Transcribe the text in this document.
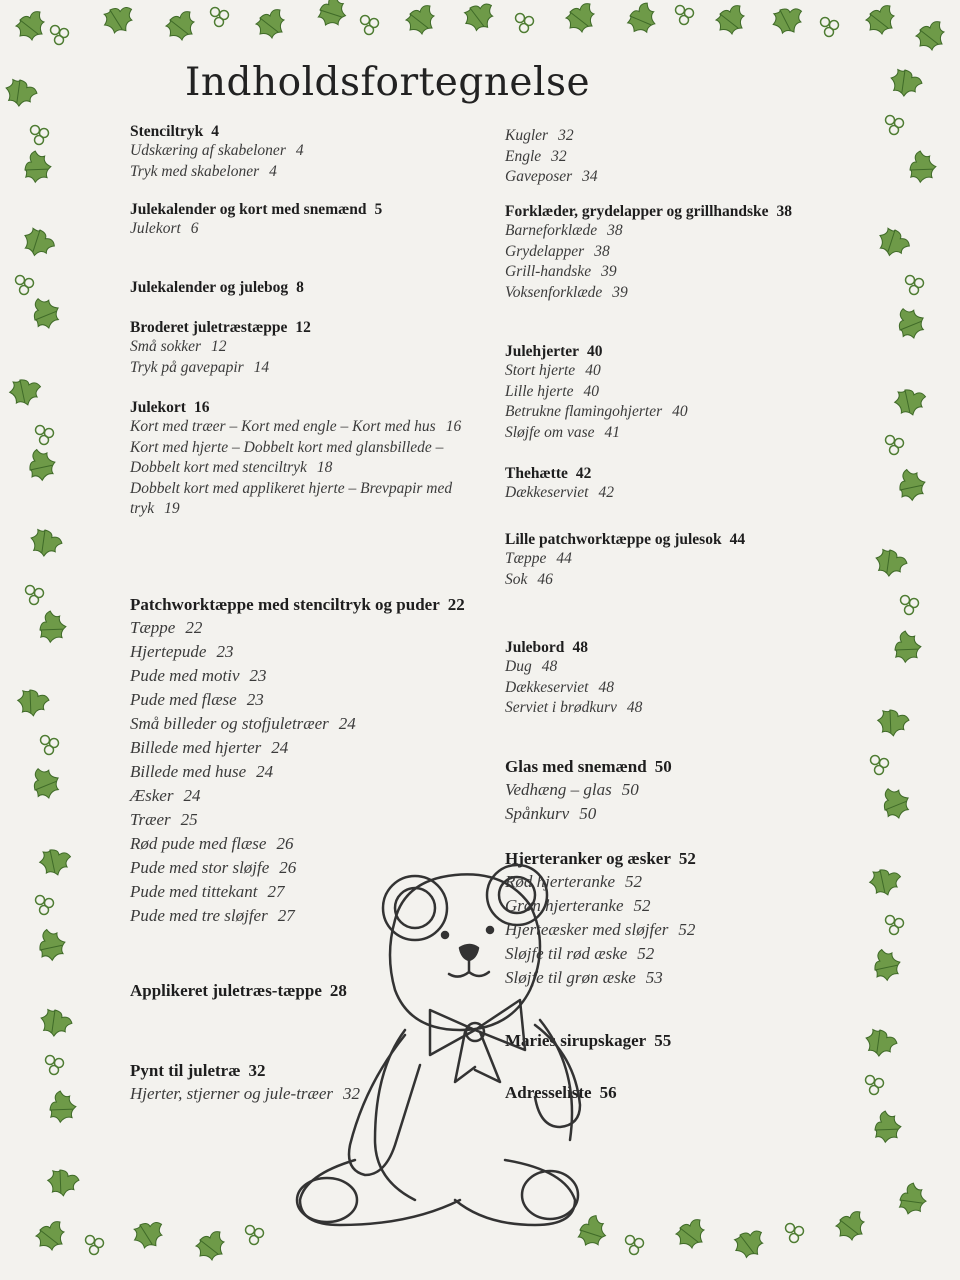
Indholdsfortegnelse
Stenciltryk 4
Udskæring af skabeloner 4
Tryk med skabeloner 4
Julekalender og kort med snemænd 5
Julekort 6
Julekalender og julebog 8
Broderet juletræstæppe 12
Små sokker 12
Tryk på gavepapir 14
Julekort 16
Kort med træer – Kort med engle – Kort med hus 16
Kort med hjerte – Dobbelt kort med glansbillede – Dobbelt kort med stenciltryk 18
Dobbelt kort med applikeret hjerte – Brevpapir med tryk 19
Patchworktæppe med stenciltryk og puder 22
Tæppe 22
Hjertepude 23
Pude med motiv 23
Pude med flæse 23
Små billeder og stofjuletræer 24
Billede med hjerter 24
Billede med huse 24
Æsker 24
Træer 25
Rød pude med flæse 26
Pude med stor sløjfe 26
Pude med tittekant 27
Pude med tre sløjfer 27
Applikeret juletræs-tæppe 28
Pynt til juletræ 32
Hjerter, stjerner og jule-træer 32
Kugler 32
Engle 32
Gaveposer 34
Forklæder, grydelapper og grillhandske 38
Barneforklæde 38
Grydelapper 38
Grill-handske 39
Voksenforklæde 39
Julehjerter 40
Stort hjerte 40
Lille hjerte 40
Betrukne flamingohjerter 40
Sløjfe om vase 41
Thehætte 42
Dækkeserviet 42
Lille patchworktæppe og julesok 44
Tæppe 44
Sok 46
Julebord 48
Dug 48
Dækkeserviet 48
Serviet i brødkurv 48
Glas med snemænd 50
Vedhæng – glas 50
Spånkurv 50
Hjerteranker og æsker 52
Rød hjerteranke 52
Grøn hjerteranke 52
Hjerteæsker med sløjfer 52
Sløjfe til rød æske 52
Sløjfe til grøn æske 53
Maries sirupskager 55
Adresseliste 56
